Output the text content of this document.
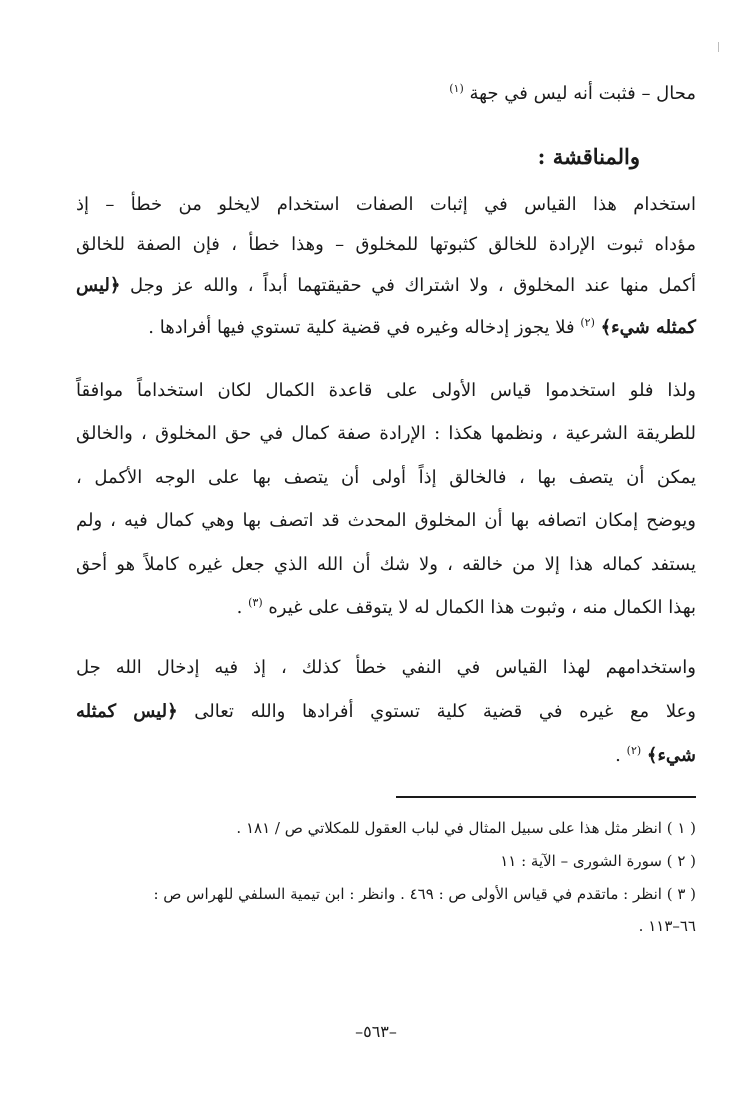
محال – فثبت أنه ليس في جهة $^{(١)}$
والمناقشة :
استخدام هذا القياس في إثبات الصفات استخدام لايخلو من خطأ – إذ
مؤداه ثبوت الإرادة للخالق كثبوتها للمخلوق – وهذا خطأ ، فإن الصفة للخالق
أكمل منها عند المخلوق ، ولا اشتراك في حقيقتهما أبداً ، والله عز وجل ﴿ليس
كمثله شيء﴾ $^{(٢)}$ فلا يجوز إدخاله وغيره في قضية كلية تستوي فيها أفرادها .
ولذا فلو استخدموا قياس الأولى على قاعدة الكمال لكان استخداماً موافقاً
للطريقة الشرعية ، ونظمها هكذا : الإرادة صفة كمال في حق المخلوق ، والخالق
يمكن أن يتصف بها ، فالخالق إذاً أولى أن يتصف بها على الوجه الأكمل ،
ويوضح إمكان اتصافه بها أن المخلوق المحدث قد اتصف بها وهي كمال فيه ، ولم
يستفد كماله هذا إلا من خالقه ، ولا شك أن الله الذي جعل غيره كاملاً هو أحق
بهذا الكمال منه ، وثبوت هذا الكمال له لا يتوقف على غيره $^{(٣)}$ .
واستخدامهم لهذا القياس في النفي خطأ كذلك ، إذ فيه إدخال الله جل
وعلا مع غيره في قضية كلية تستوي أفرادها والله تعالى ﴿ليس كمثله
شيء﴾ $^{(٢)}$ .
( ١ ) انظر مثل هذا على سبيل المثال في لباب العقول للمكلاتي ص / ١٨١ .
( ٢ ) سورة الشورى – الآية : ١١
( ٣ ) انظر : ماتقدم في قياس الأولى ص : ٤٦٩ . وانظر : ابن تيمية السلفي للهراس ص :
٦٦–١١٣ .
–٥٦٣–
